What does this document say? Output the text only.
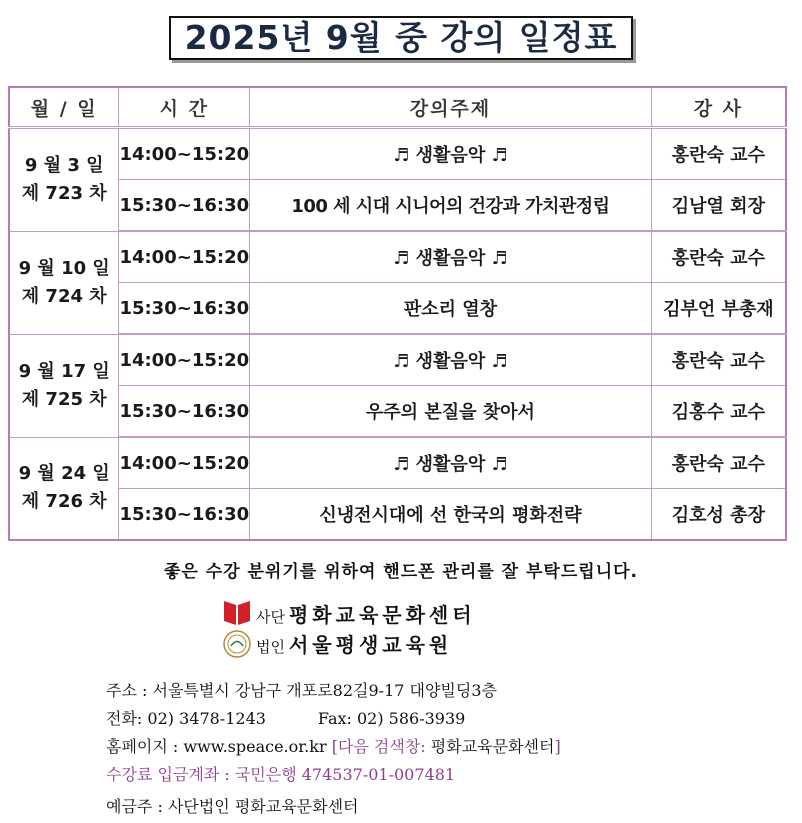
2025년 9월 중 강의 일정표
월 / 일	시 간	강의주제	강 사

9 월 3 일
제 723 차	14:00~15:20	♬ 생활음악 ♬	홍란숙 교수
	15:30~16:30	100 세 시대 시니어의 건강과 가치관정립	김남열 회장

9 월 10 일
제 724 차	14:00~15:20	♬ 생활음악 ♬	홍란숙 교수
	15:30~16:30	판소리 열창	김부언 부총재

9 월 17 일
제 725 차	14:00~15:20	♬ 생활음악 ♬	홍란숙 교수
	15:30~16:30	우주의 본질을 찾아서	김홍수 교수

9 월 24 일
제 726 차	14:00~15:20	♬ 생활음악 ♬	홍란숙 교수
	15:30~16:30	신냉전시대에 선 한국의 평화전략	김호성 총장
좋은 수강 분위기를 위하여 핸드폰 관리를 잘 부탁드립니다.
사단 평화교육문화센터
법인 서울평생교육원
주소 : 서울특별시 강남구 개포로82길9-17 대양빌딩3층
전화: 02) 3478-1243	Fax: 02) 586-3939
홈페이지 : www.speace.or.kr [다음 검색창: 평화교육문화센터]
수강료 입금계좌 : 국민은행 474537-01-007481
예금주 : 사단법인 평화교육문화센터
